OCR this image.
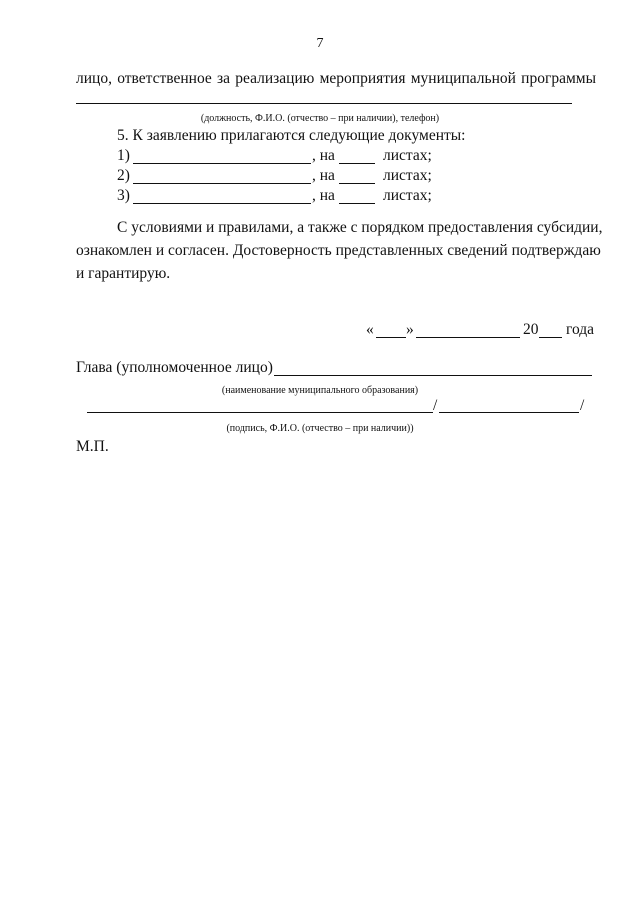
7
лицо, ответственное за реализацию мероприятия муниципальной программы
(должность, Ф.И.О. (отчество – при наличии), телефон)
5. К заявлению прилагаются следующие документы:
1)	, на	листах;
2)	, на	листах;
3)	, на	листах;
С условиями и правилами, а также с порядком предоставления субсидии,
ознакомлен и согласен. Достоверность представленных сведений подтверждаю
и гарантирую.
« »	20 года
Глава (уполномоченное лицо)
(наименование муниципального образования)
/	/
(подпись, Ф.И.О. (отчество – при наличии))
М.П.
